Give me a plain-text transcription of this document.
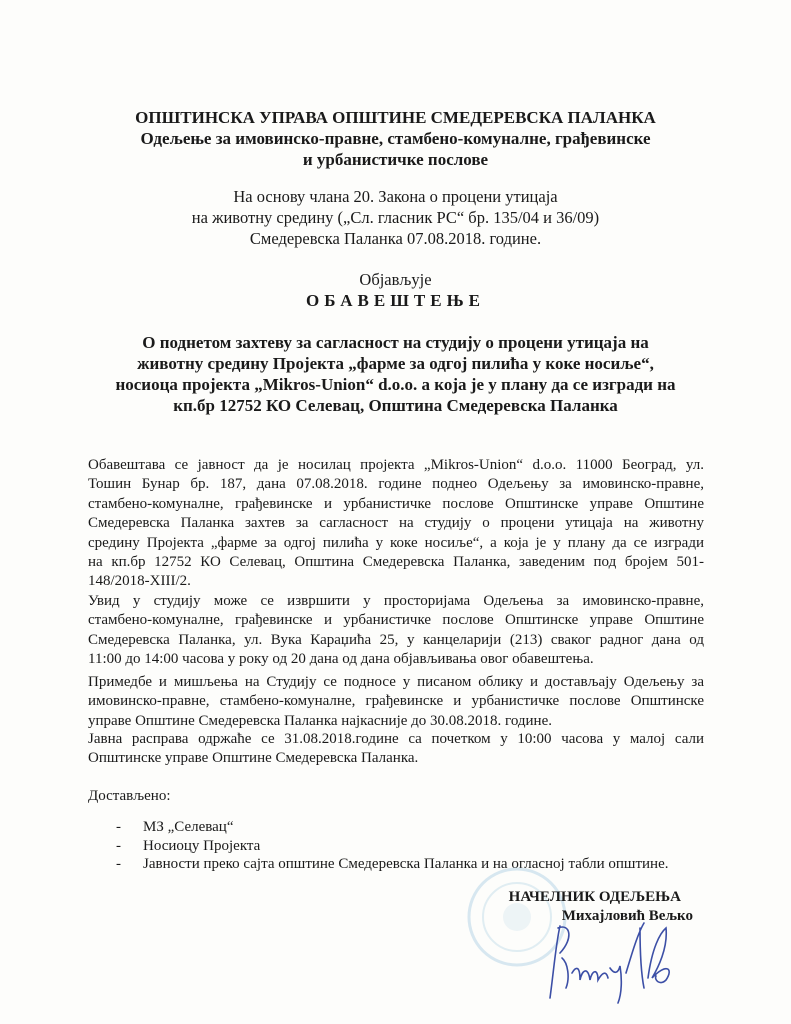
ОПШТИНСКА УПРАВА ОПШТИНЕ СМЕДЕРЕВСКА ПАЛАНКА
Одељење за имовинско-правне, стамбено-комуналне, грађевинске
и урбанистичке послове
На основу члана 20. Закона о процени утицаја
на животну средину („Сл. гласник РС“ бр. 135/04 и 36/09)
Смедеревска Паланка 07.08.2018. године.
Објављује
ОБАВЕШТЕЊЕ
О поднетом захтеву за сагласност на студију о процени утицаја на
животну средину Пројекта „фарме за одгој пилића у коке носиље“,
носиоца пројекта „Mikros-Union“ d.o.o. а која је у плану да се изгради на
кп.бр 12752 КО Селевац, Општина Смедеревска Паланка
Обавештава се јавност да је носилац пројекта „Mikros-Union“ d.o.o. 11000 Београд, ул.
Тошин Бунар бр. 187, дана 07.08.2018. године поднео Одељењу за имовинско-правне,
стамбено-комуналне, грађевинске и урбанистичке послове Општинске управе Општине
Смедеревска Паланка захтев за сагласност на студију о процени утицаја на животну
средину Пројекта „фарме за одгој пилића у коке носиље“, а која је у плану да се изгради
на кп.бр 12752 КО Селевац, Општина Смедеревска Паланка, заведеним под бројем 501-
148/2018-XIII/2.
Увид у студију може се извршити у просторијама Одељења за имовинско-правне,
стамбено-комуналне, грађевинске и урбанистичке послове Општинске управе Општине
Смедеревска Паланка, ул. Вука Караџића 25, у канцеларији (213) сваког радног дана од
11:00 до 14:00 часова у року од 20 дана од дана објављивања овог обавештења.
Примедбе и мишљења на Студију се подносе у писаном облику и достављају Одељењу за
имовинско-правне, стамбено-комуналне, грађевинске и урбанистичке послове Општинске
управе Општине Смедеревска Паланка најкасније до 30.08.2018. године.
Јавна расправа одржаће се 31.08.2018.године са почетком у 10:00 часова у малој сали
Општинске управе Општине Смедеревска Паланка.
Достављено:
-	МЗ „Селевац“
-	Носиоцу Пројекта
-	Јавности преко сајта општине Смедеревска Паланка и на огласној табли општине.
НАЧЕЛНИК ОДЕЉЕЊА
Михајловић Вељко
